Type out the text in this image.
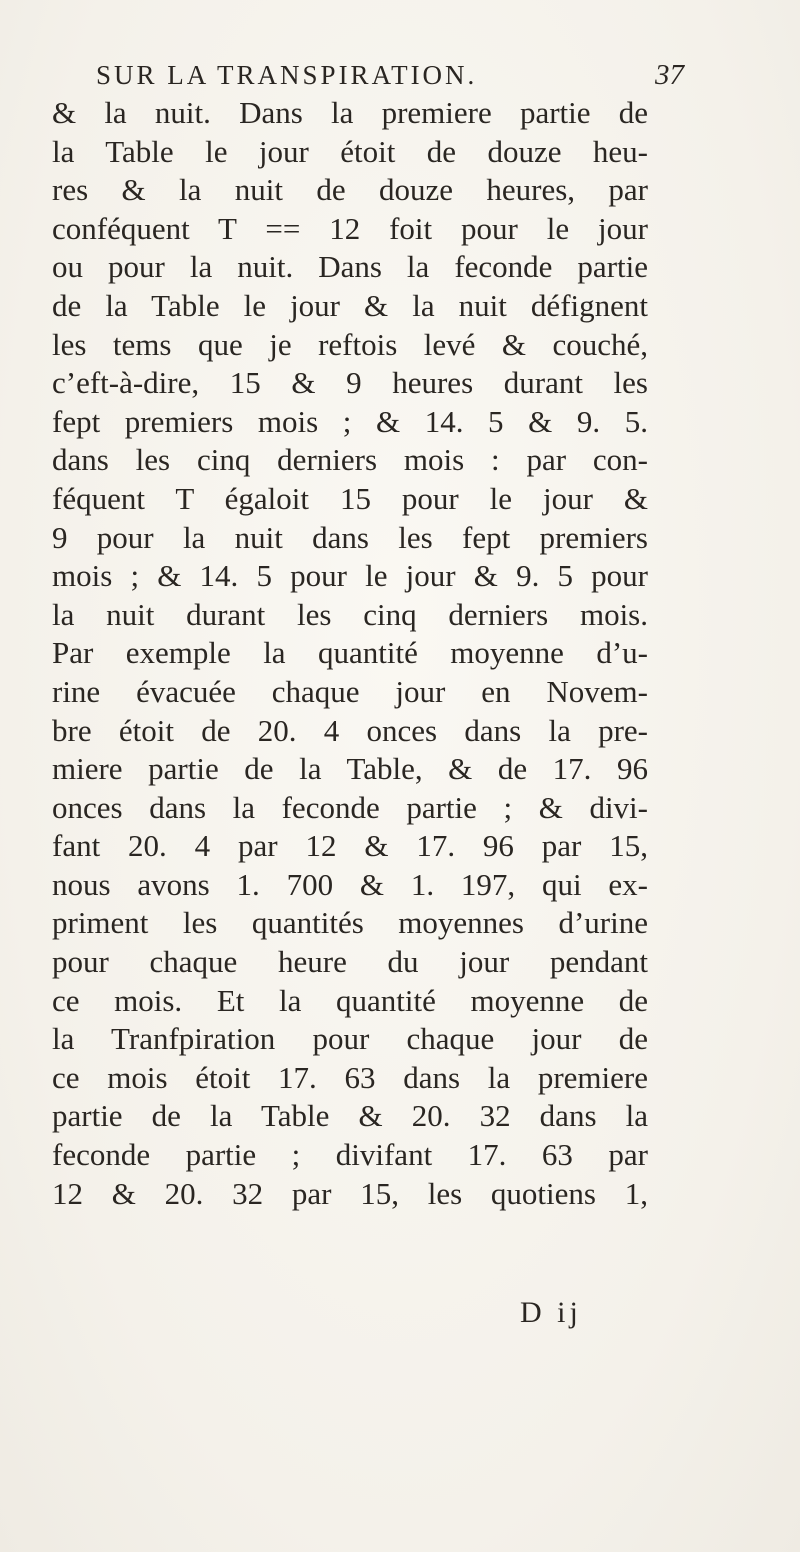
SUR LA TRANSPIRATION.	37
& la nuit. Dans la premiere partie de
la Table le jour étoit de douze heu-
res & la nuit de douze heures, par
conféquent T == 12 foit pour le jour
ou pour la nuit. Dans la feconde partie
de la Table le jour & la nuit défignent
les tems que je reftois levé & couché,
c’eft-à-dire, 15 & 9 heures durant les
fept premiers mois ; & 14. 5 & 9. 5.
dans les cinq derniers mois : par con-
féquent T égaloit 15 pour le jour &
9 pour la nuit dans les fept premiers
mois ; & 14. 5 pour le jour & 9. 5 pour
la nuit durant les cinq derniers mois.
Par exemple la quantité moyenne d’u-
rine évacuée chaque jour en Novem-
bre étoit de 20. 4 onces dans la pre-
miere partie de la Table, & de 17. 96
onces dans la feconde partie ; & divi-
fant 20. 4 par 12 & 17. 96 par 15,
nous avons 1. 700 & 1. 197, qui ex-
priment les quantités moyennes d’urine
pour chaque heure du jour pendant
ce mois. Et la quantité moyenne de
la Tranfpiration pour chaque jour de
ce mois étoit 17. 63 dans la premiere
partie de la Table & 20. 32 dans la
feconde partie ; divifant 17. 63 par
12 & 20. 32 par 15, les quotiens 1,
D ij
